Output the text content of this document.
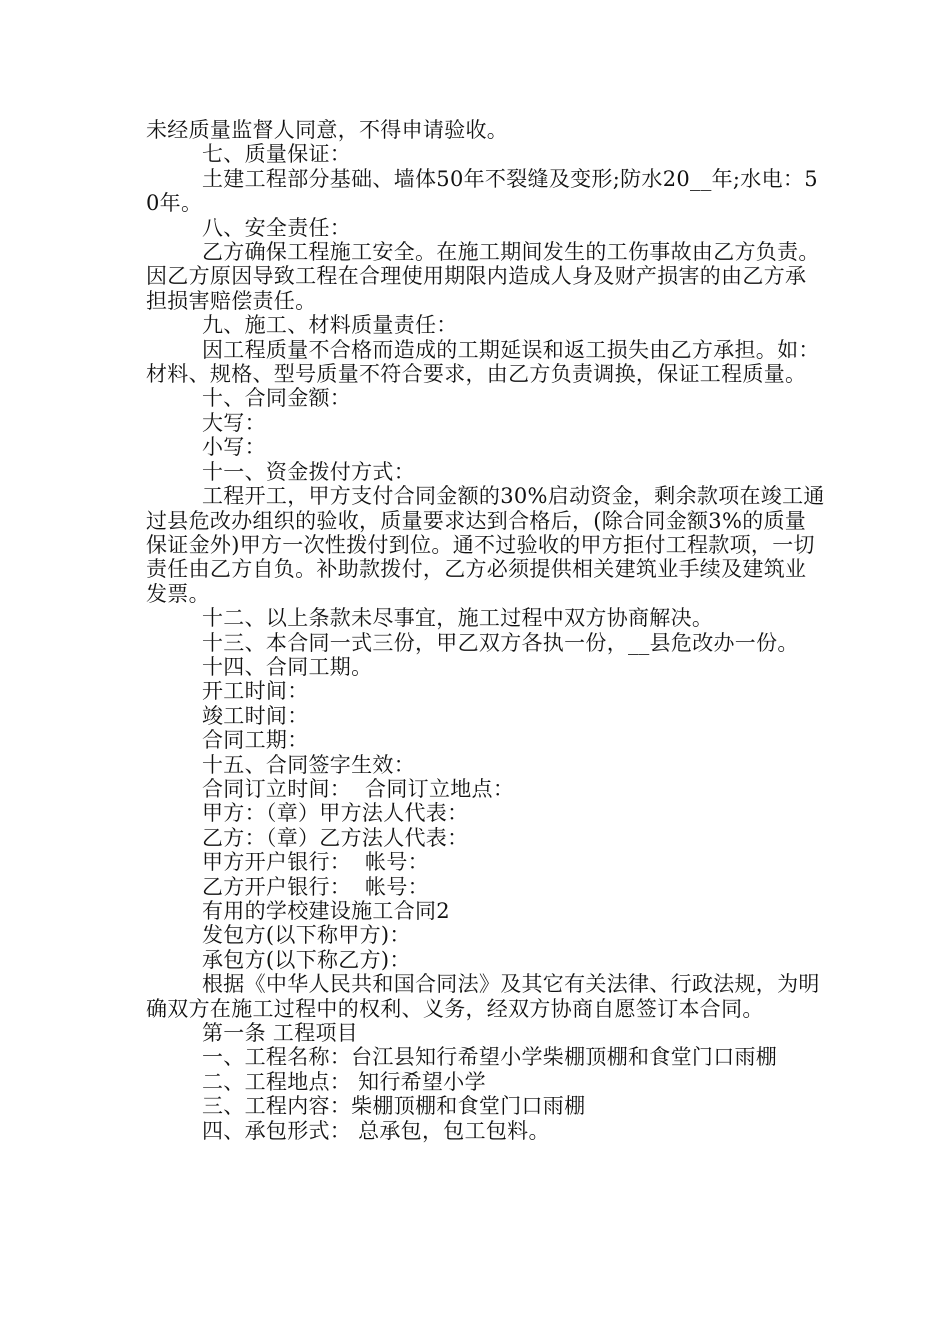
未经质量监督人同意，不得申请验收。

七、质量保证：

土建工程部分基础、墙体50年不裂缝及变形;防水20__年;水电：50年。

八、安全责任：

乙方确保工程施工安全。在施工期间发生的工伤事故由乙方负责。因乙方原因导致工程在合理使用期限内造成人身及财产损害的由乙方承担损害赔偿责任。

九、施工、材料质量责任：

因工程质量不合格而造成的工期延误和返工损失由乙方承担。如：材料、规格、型号质量不符合要求，由乙方负责调换，保证工程质量。

十、合同金额：

大写：

小写：

十一、资金拨付方式：

工程开工，甲方支付合同金额的30%启动资金，剩余款项在竣工通过县危改办组织的验收，质量要求达到合格后，(除合同金额3%的质量保证金外)甲方一次性拨付到位。通不过验收的甲方拒付工程款项，一切责任由乙方自负。补助款拨付，乙方必须提供相关建筑业手续及建筑业发票。

十二、以上条款未尽事宜，施工过程中双方协商解决。

十三、本合同一式三份，甲乙双方各执一份，__县危改办一份。

十四、合同工期。

开工时间：

竣工时间：

合同工期：

十五、合同签字生效：

合同订立时间：  合同订立地点：

甲方：（章）甲方法人代表：

乙方：（章）乙方法人代表：

甲方开户银行：  帐号：

乙方开户银行：  帐号：

有用的学校建设施工合同2

发包方(以下称甲方)：

承包方(以下称乙方)：

根据《中华人民共和国合同法》及其它有关法律、行政法规，为明确双方在施工过程中的权利、义务，经双方协商自愿签订本合同。

第一条 工程项目

一、工程名称：台江县知行希望小学柴棚顶棚和食堂门口雨棚

二、工程地点： 知行希望小学

三、工程内容：柴棚顶棚和食堂门口雨棚

四、承包形式： 总承包，包工包料。
